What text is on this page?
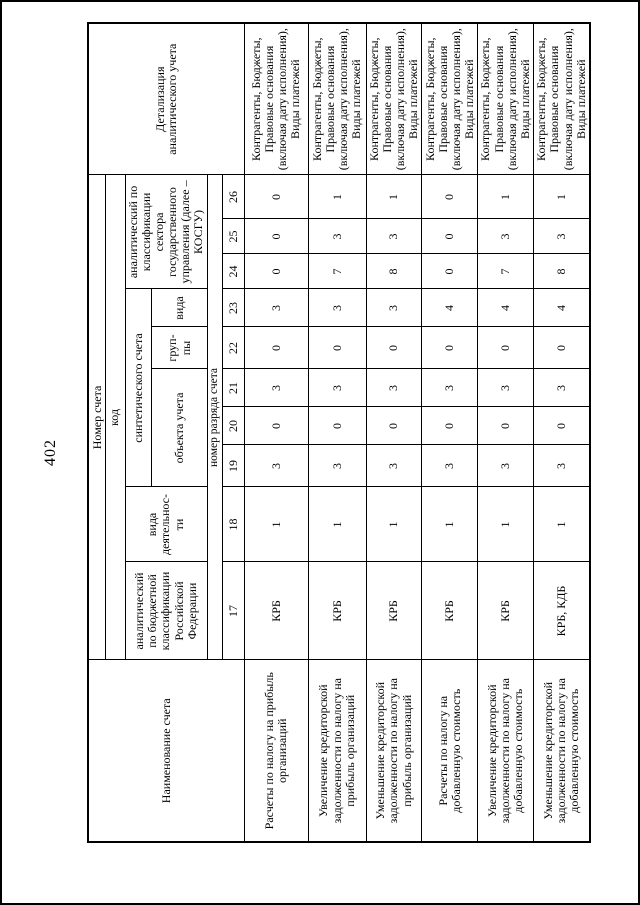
402
Наименование счета	Номер счета										Детализация аналитического учета
	код										
	аналитический по бюджетной классификации Российской Федерации	вида деятельнос-ти	синтетического счета					аналитический по классификации сектора государственного управления (далее – КОСГУ)			
			объекта учета			груп-пы	вида				
	номер разряда счета										
	17	18	19	20	21	22	23	24	25	26	
Расчеты по налогу на прибыль организаций	КРБ	1	3	0	3	0	3	0	0	0	Контрагенты, Бюджеты, Правовые основания (включая дату исполнения), Виды платежей
Увеличение кредиторской задолженности по налогу на прибыль организаций	КРБ	1	3	0	3	0	3	7	3	1	Контрагенты, Бюджеты, Правовые основания (включая дату исполнения), Виды платежей
Уменьшение кредиторской задолженности по налогу на прибыль организаций	КРБ	1	3	0	3	0	3	8	3	1	Контрагенты, Бюджеты, Правовые основания (включая дату исполнения), Виды платежей
Расчеты по налогу на добавленную стоимость	КРБ	1	3	0	3	0	4	0	0	0	Контрагенты, Бюджеты, Правовые основания (включая дату исполнения), Виды платежей
Увеличение кредиторской задолженности по налогу на добавленную стоимость	КРБ	1	3	0	3	0	4	7	3	1	Контрагенты, Бюджеты, Правовые основания (включая дату исполнения), Виды платежей
Уменьшение кредиторской задолженности по налогу на добавленную стоимость	КРБ, КДБ	1	3	0	3	0	4	8	3	1	Контрагенты, Бюджеты, Правовые основания (включая дату исполнения), Виды платежей
